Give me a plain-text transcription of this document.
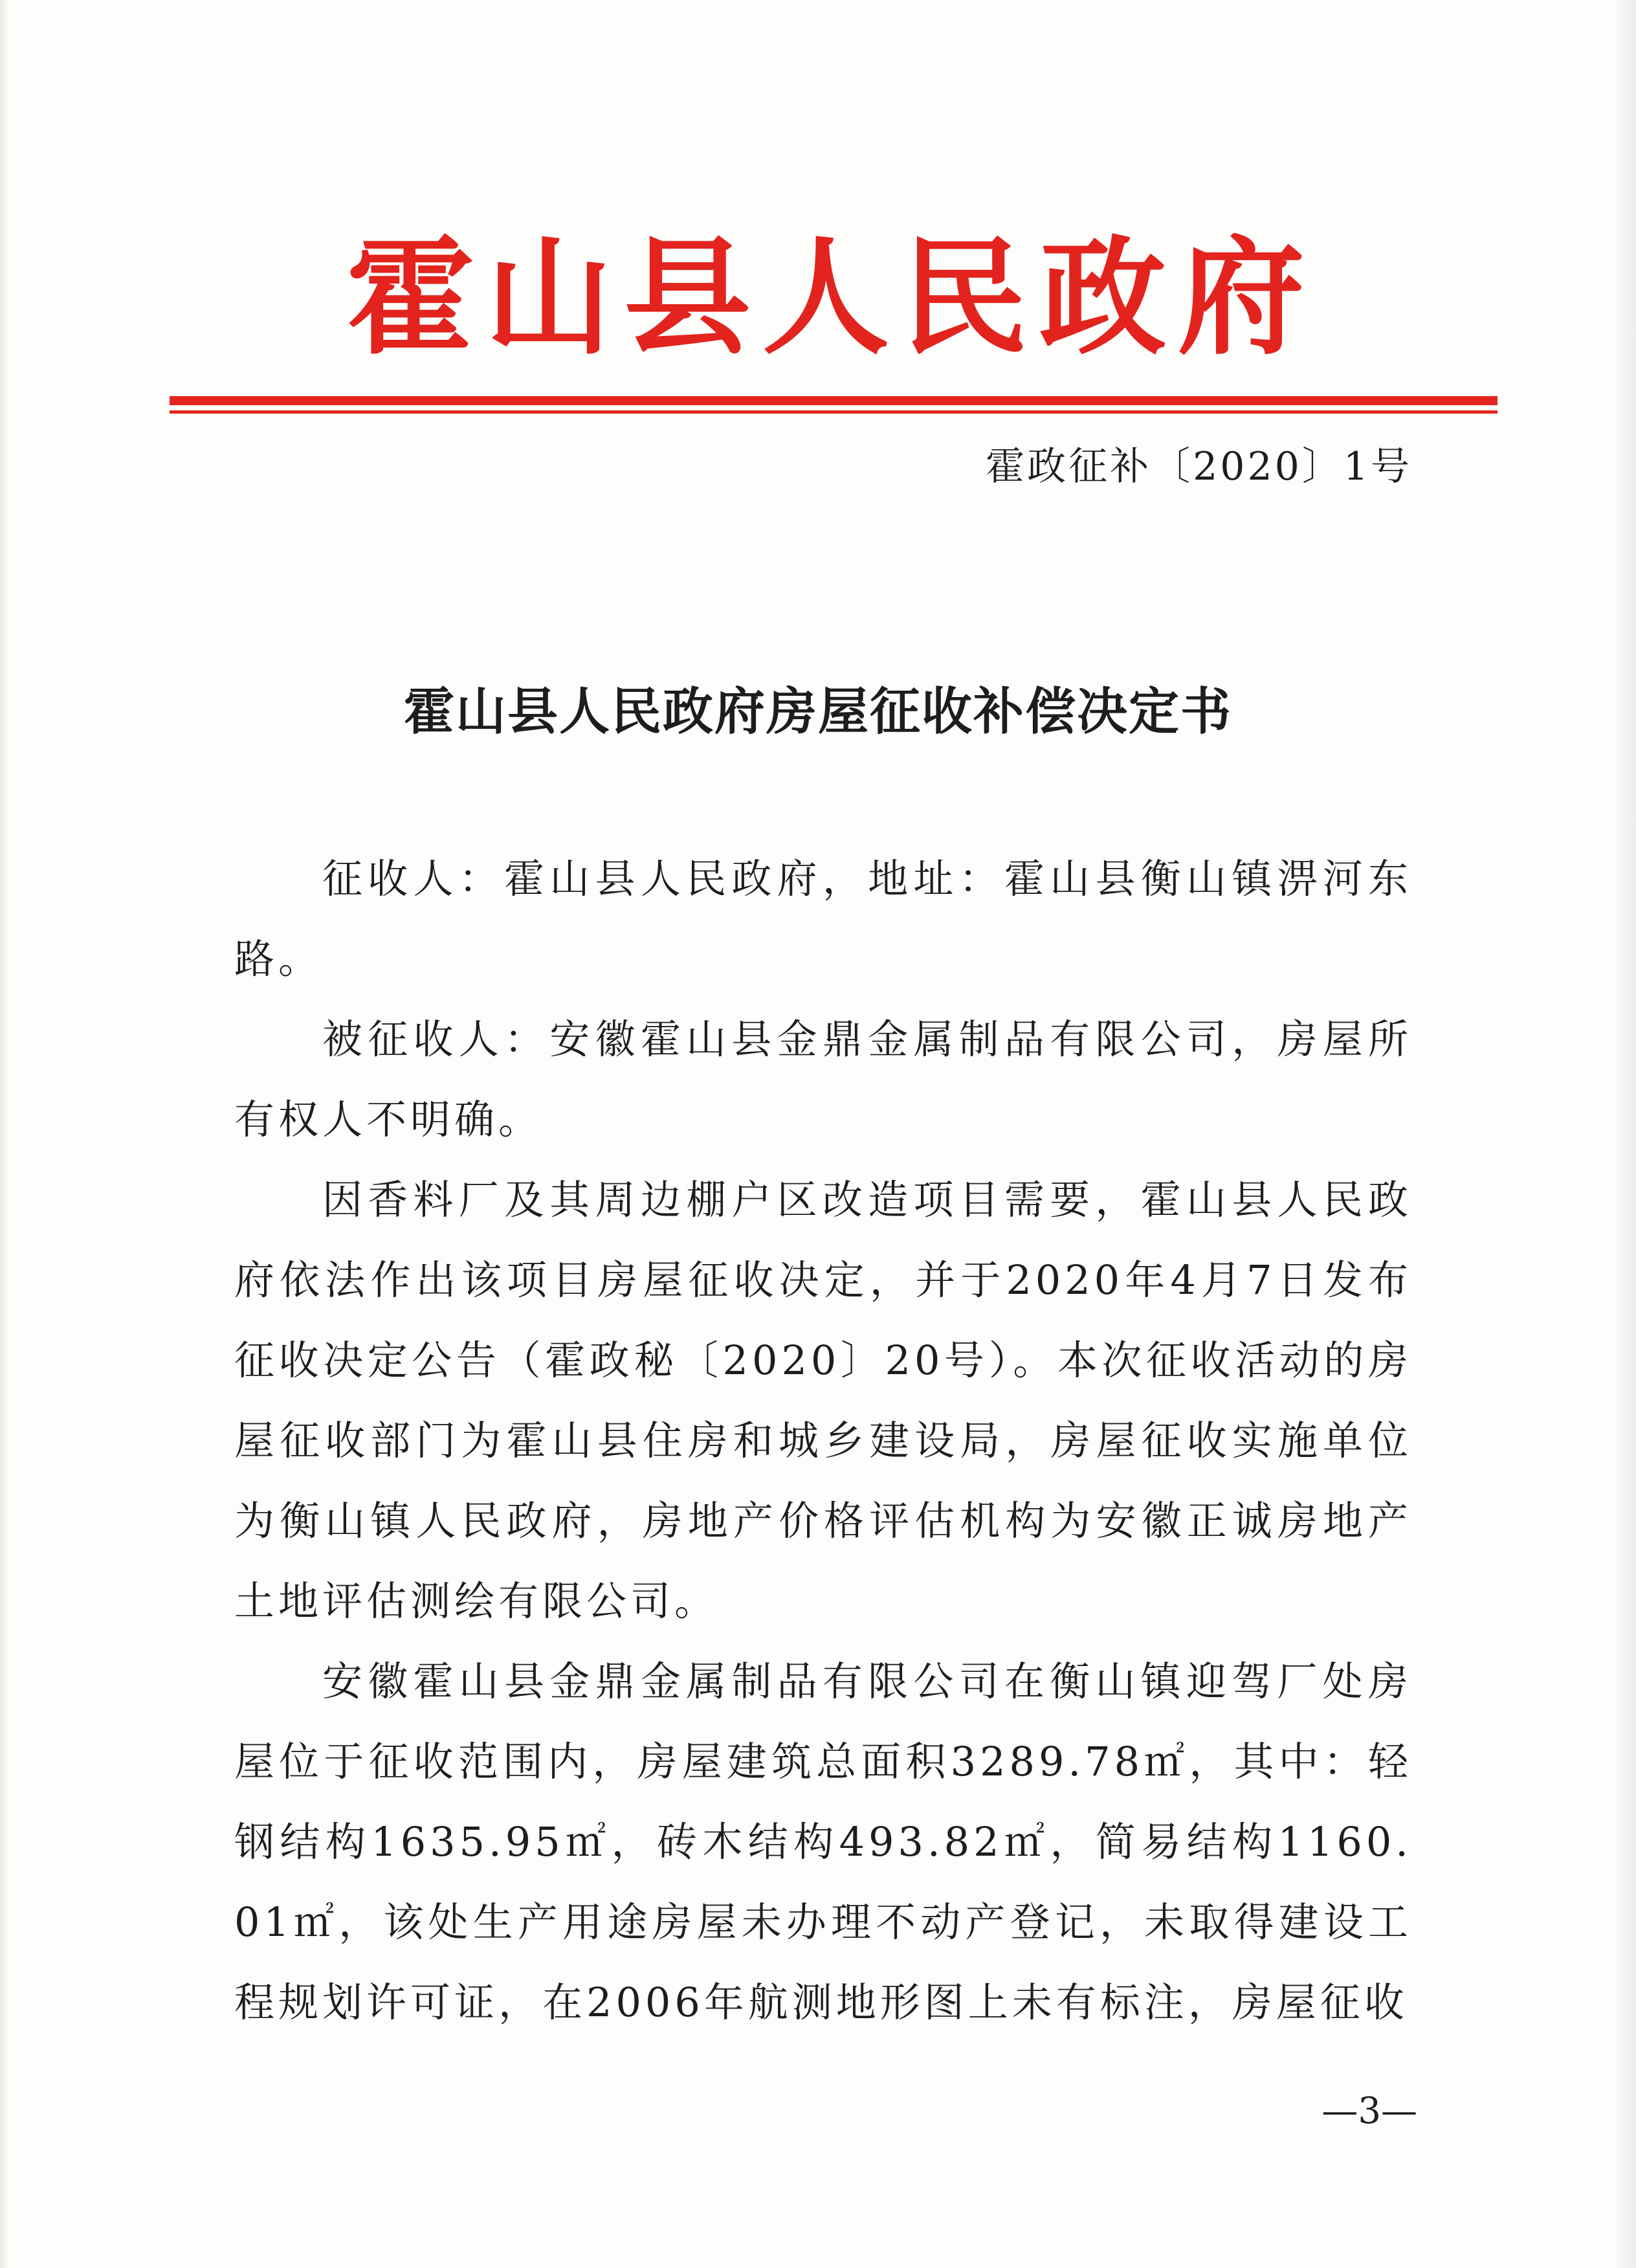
霍山县人民政府
霍政征补〔2020〕1号
霍山县人民政府房屋征收补偿决定书

征收人：霍山县人民政府，地址：霍山县衡山镇淠河东路。

被征收人：安徽霍山县金鼎金属制品有限公司，房屋所有权人不明确。

因香料厂及其周边棚户区改造项目需要，霍山县人民政府依法作出该项目房屋征收决定，并于2020年4月7日发布征收决定公告（霍政秘〔2020〕20号）。本次征收活动的房屋征收部门为霍山县住房和城乡建设局，房屋征收实施单位为衡山镇人民政府，房地产价格评估机构为安徽正诚房地产土地评估测绘有限公司。

安徽霍山县金鼎金属制品有限公司在衡山镇迎驾厂处房屋位于征收范围内，房屋建筑总面积3289.78㎡，其中：轻钢结构1635.95㎡，砖木结构493.82㎡，简易结构1160.01㎡，该处生产用途房屋未办理不动产登记，未取得建设工程规划许可证，在2006年航测地形图上未有标注，房屋征收

—3—
